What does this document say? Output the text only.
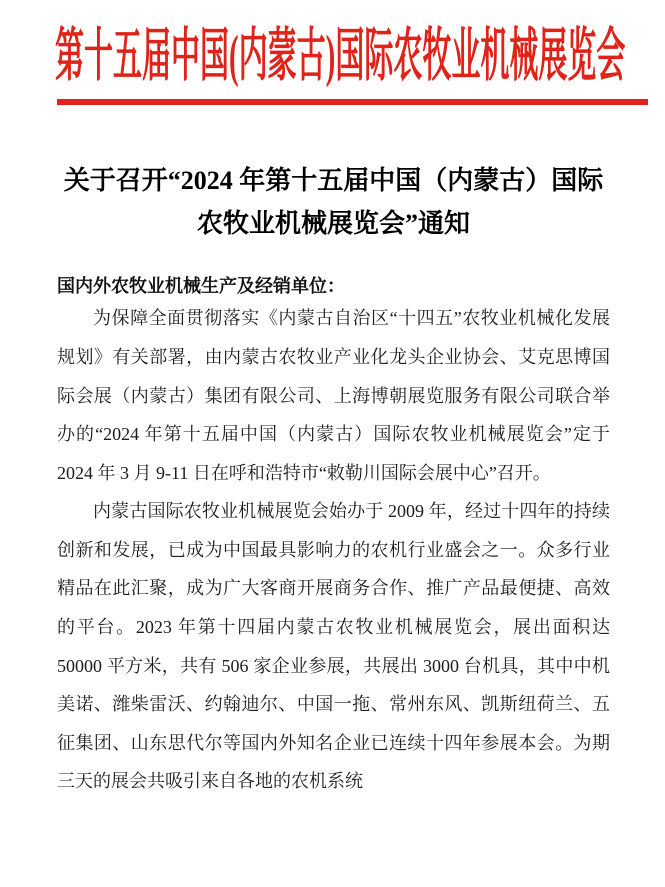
第十五届中国(内蒙古)国际农牧业机械展览会
关于召开“2024 年第十五届中国（内蒙古）国际
农牧业机械展览会”通知

国内外农牧业机械生产及经销单位：

为保障全面贯彻落实《内蒙古自治区“十四五”农牧业机械化发展规划》有关部署，由内蒙古农牧业产业化龙头企业协会、艾克思博国际会展（内蒙古）集团有限公司、上海博朝展览服务有限公司联合举办的“2024 年第十五届中国（内蒙古）国际农牧业机械展览会”定于 2024 年 3 月 9-11 日在呼和浩特市“敕勒川国际会展中心”召开。

内蒙古国际农牧业机械展览会始办于 2009 年，经过十四年的持续创新和发展，已成为中国最具影响力的农机行业盛会之一。众多行业精品在此汇聚，成为广大客商开展商务合作、推广产品最便捷、高效的平台。2023 年第十四届内蒙古农牧业机械展览会，展出面积达 50000 平方米，共有 506 家企业参展，共展出 3000 台机具，其中中机美诺、潍柴雷沃、约翰迪尔、中国一拖、常州东风、凯斯纽荷兰、五征集团、山东思代尔等国内外知名企业已连续十四年参展本会。为期三天的展会共吸引来自各地的农机系统
